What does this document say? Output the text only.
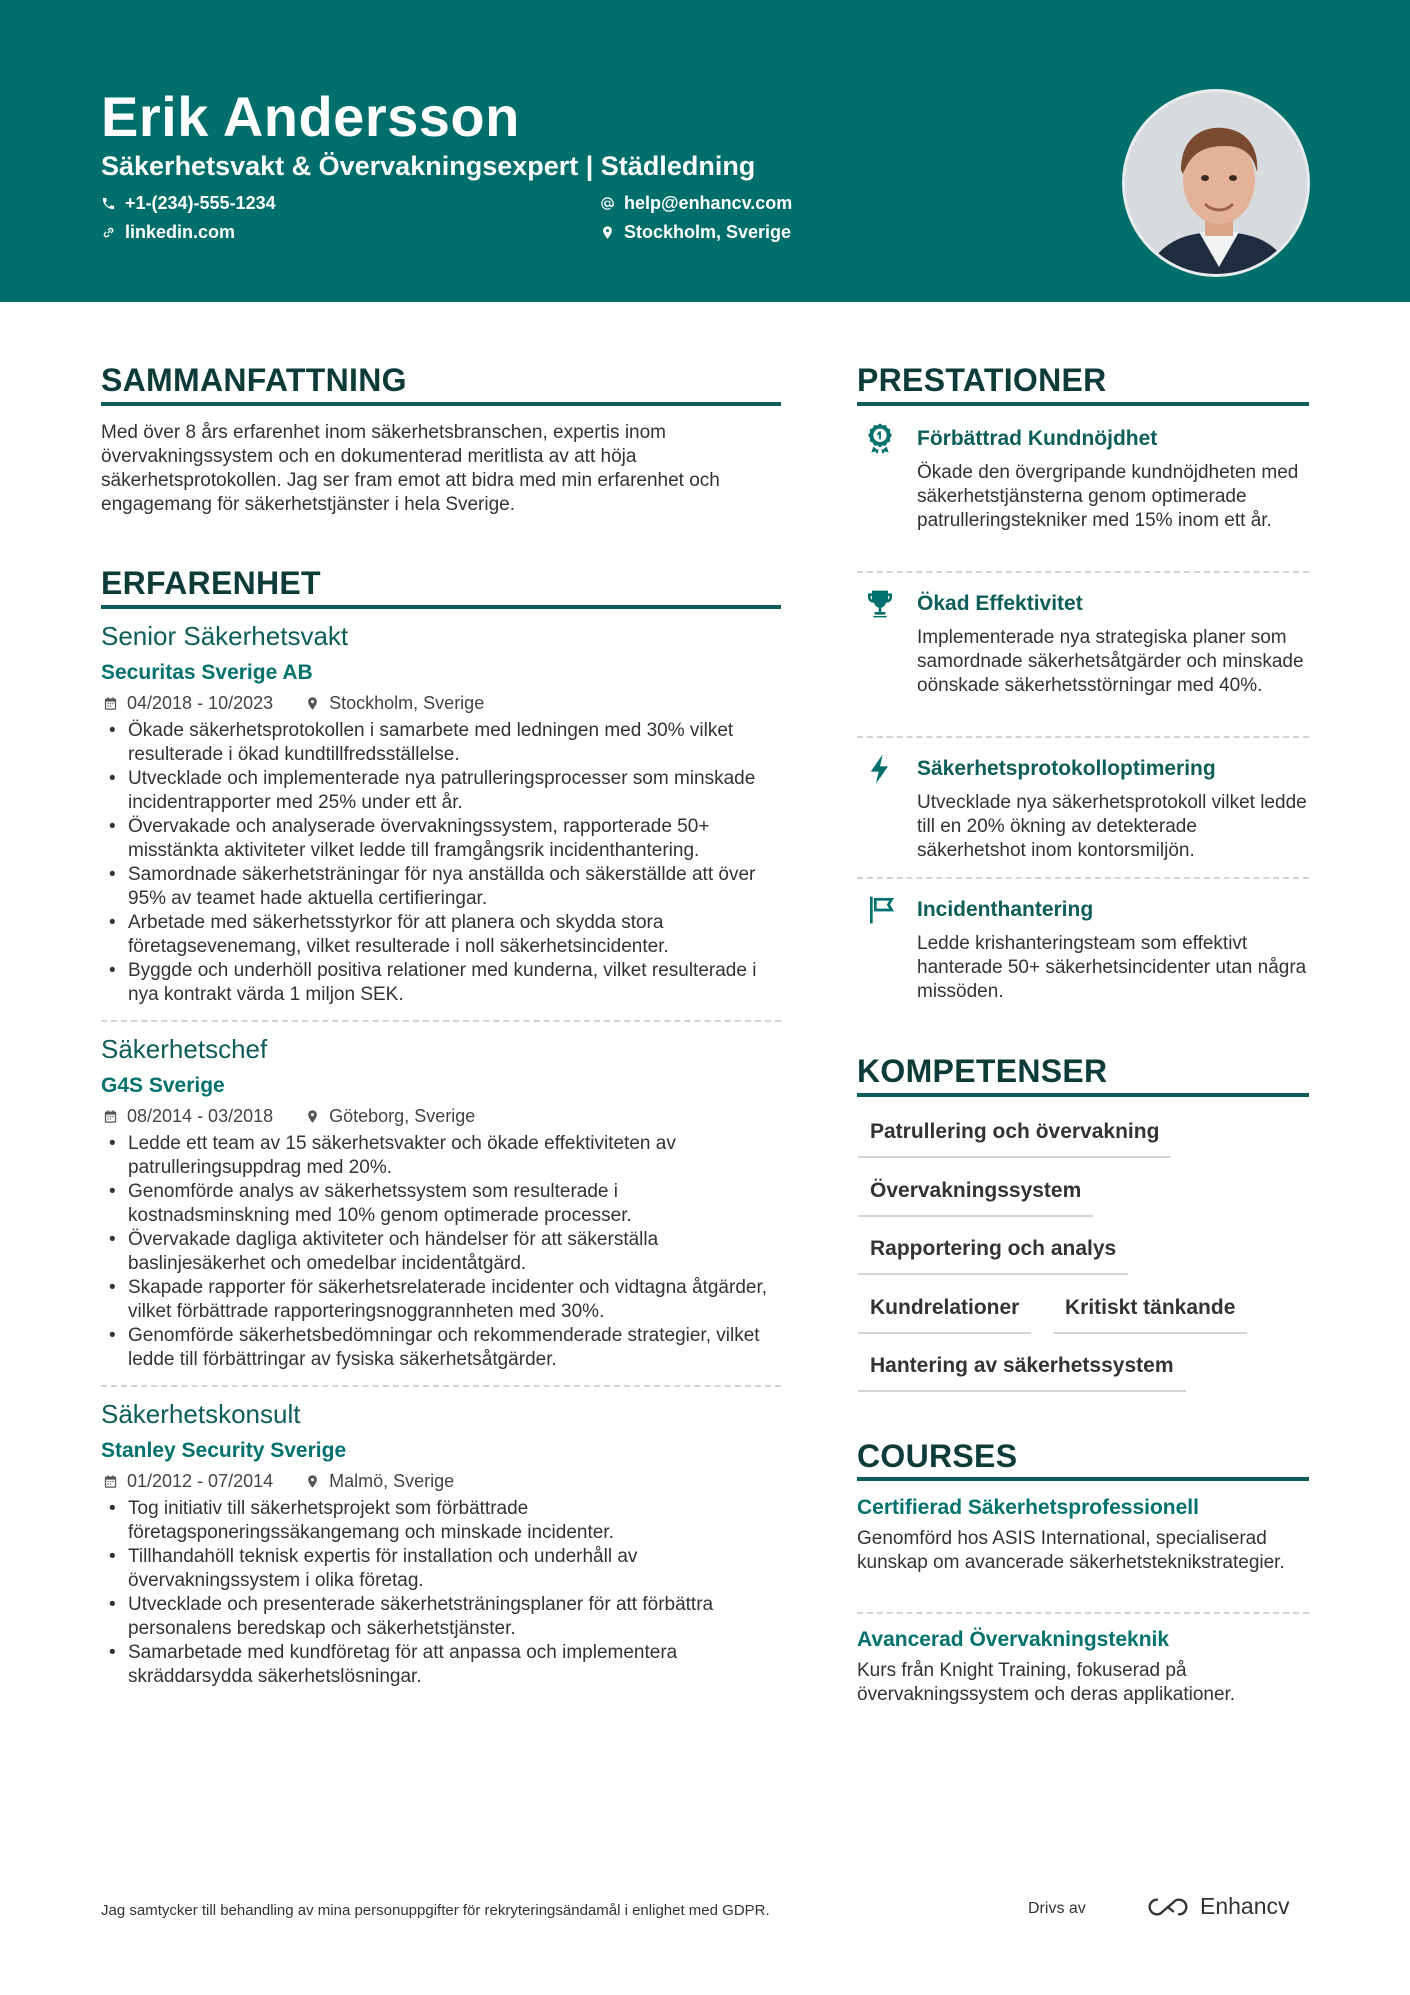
Erik Andersson
Säkerhetsvakt & Övervakningsexpert | Städledning
+1-(234)-555-1234	help@enhancv.com
linkedin.com	Stockholm, Sverige
SAMMANFATTNING
Med över 8 års erfarenhet inom säkerhetsbranschen, expertis inom övervakningssystem och en dokumenterad meritlista av att höja säkerhetsprotokollen. Jag ser fram emot att bidra med min erfarenhet och engagemang för säkerhetstjänster i hela Sverige.
ERFARENHET
Senior Säkerhetsvakt
Securitas Sverige AB
04/2018 - 10/2023	Stockholm, Sverige
• Ökade säkerhetsprotokollen i samarbete med ledningen med 30% vilket resulterade i ökad kundtillfredsställelse.
• Utvecklade och implementerade nya patrulleringsprocesser som minskade incidentrapporter med 25% under ett år.
• Övervakade och analyserade övervakningssystem, rapporterade 50+ misstänkta aktiviteter vilket ledde till framgångsrik incidenthantering.
• Samordnade säkerhetsträningar för nya anställda och säkerställde att över 95% av teamet hade aktuella certifieringar.
• Arbetade med säkerhetsstyrkor för att planera och skydda stora företagsevenemang, vilket resulterade i noll säkerhetsincidenter.
• Byggde och underhöll positiva relationer med kunderna, vilket resulterade i nya kontrakt värda 1 miljon SEK.
Säkerhetschef
G4S Sverige
08/2014 - 03/2018	Göteborg, Sverige
• Ledde ett team av 15 säkerhetsvakter och ökade effektiviteten av patrulleringsuppdrag med 20%.
• Genomförde analys av säkerhetssystem som resulterade i kostnadsminskning med 10% genom optimerade processer.
• Övervakade dagliga aktiviteter och händelser för att säkerställa baslinjesäkerhet och omedelbar incidentåtgärd.
• Skapade rapporter för säkerhetsrelaterade incidenter och vidtagna åtgärder, vilket förbättrade rapporteringsnoggrannheten med 30%.
• Genomförde säkerhetsbedömningar och rekommenderade strategier, vilket ledde till förbättringar av fysiska säkerhetsåtgärder.
Säkerhetskonsult
Stanley Security Sverige
01/2012 - 07/2014	Malmö, Sverige
• Tog initiativ till säkerhetsprojekt som förbättrade företagsponeringssäkangemang och minskade incidenter.
• Tillhandahöll teknisk expertis för installation och underhåll av övervakningssystem i olika företag.
• Utvecklade och presenterade säkerhetsträningsplaner för att förbättra personalens beredskap och säkerhetstjänster.
• Samarbetade med kundföretag för att anpassa och implementera skräddarsydda säkerhetslösningar.
PRESTATIONER
Förbättrad Kundnöjdhet
Ökade den övergripande kundnöjdheten med säkerhetstjänsterna genom optimerade patrulleringstekniker med 15% inom ett år.
Ökad Effektivitet
Implementerade nya strategiska planer som samordnade säkerhetsåtgärder och minskade oönskade säkerhetsstörningar med 40%.
Säkerhetsprotokolloptimering
Utvecklade nya säkerhetsprotokoll vilket ledde till en 20% ökning av detekterade säkerhetshot inom kontorsmiljön.
Incidenthantering
Ledde krishanteringsteam som effektivt hanterade 50+ säkerhetsincidenter utan några missöden.
KOMPETENSER
Patrullering och övervakning
Övervakningssystem
Rapportering och analys
Kundrelationer	Kritiskt tänkande
Hantering av säkerhetssystem
COURSES
Certifierad Säkerhetsprofessionell
Genomförd hos ASIS International, specialiserad kunskap om avancerade säkerhetsteknikstrategier.
Avancerad Övervakningsteknik
Kurs från Knight Training, fokuserad på övervakningssystem och deras applikationer.
Jag samtycker till behandling av mina personuppgifter för rekryteringsändamål i enlighet med GDPR.	Drivs av	Enhancv
